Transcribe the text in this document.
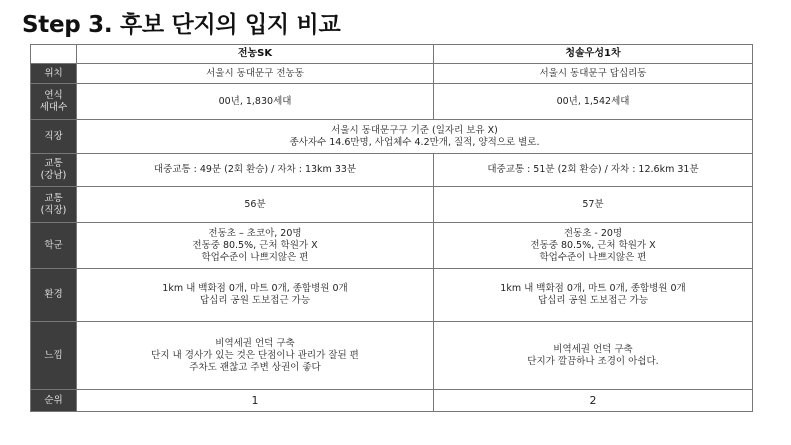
Step 3. 후보 단지의 입지 비교
	전농SK	청솔우성1차

위치	서울시 동대문구 전농동	서울시 동대문구 답십리동

연식
세대수	00년, 1,830세대	00년, 1,542세대

직장	서울시 동대문구구 기준 (일자리 보유 X)
종사자수 14.6만명, 사업체수 4.2만개, 질적, 양적으로 별로.	

교통
(강남)	대중교통 : 49분 (2회 환승) / 자차 : 13km 33분	대중교통 : 51분 (2회 환승) / 자차 : 12.6km 31분

교통
(직장)	56분	57분

학군	전동초 – 초코아, 20명
전동중 80.5%, 근처 학원가 X
학업수준이 나쁘지않은 편	전동초 - 20명
전동중 80.5%, 근처 학원가 X
학업수준이 나쁘지않은 편

환경	1km 내 백화점 0개, 마트 0개, 종합병원 0개
답십리 공원 도보접근 가능	1km 내 백화점 0개, 마트 0개, 종합병원 0개
답십리 공원 도보접근 가능

느낌	비역세권 언덕 구축
단지 내 경사가 있는 것은 단점이나 관리가 잘된 편
주차도 괜찮고 주변 상권이 좋다	비역세권 언덕 구축
단지가 깔끔하나 조경이 아쉽다.

순위	1	2
